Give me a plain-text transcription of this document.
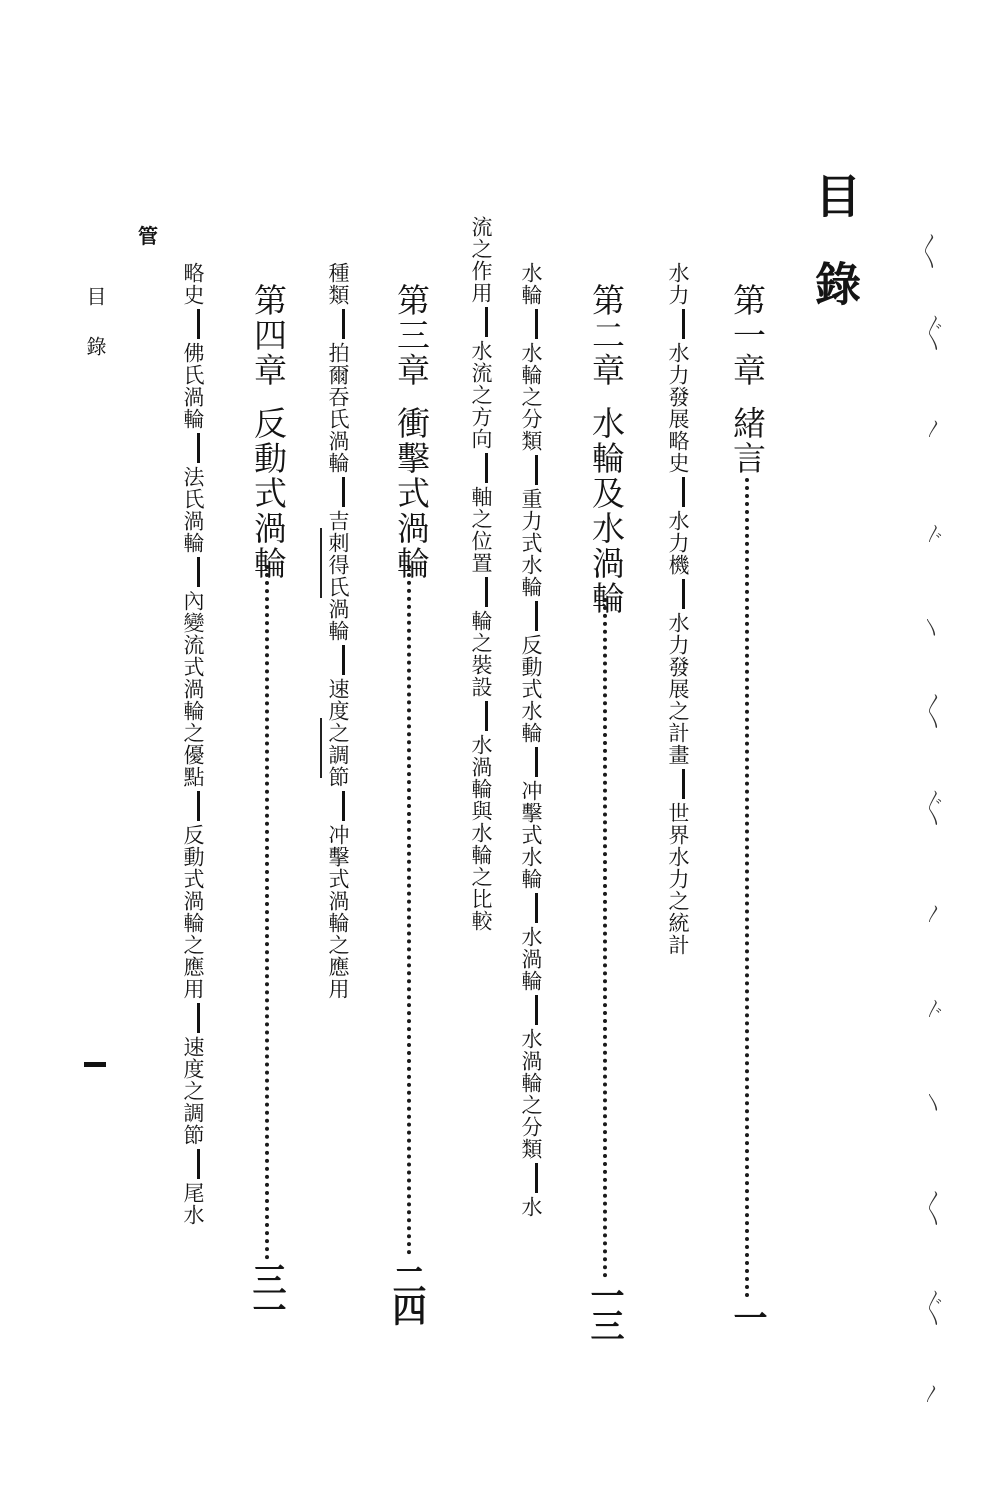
目錄
第一章緒言
一
水力水力發展略史水力機水力發展之計畫世界水力之統計
第二章水輪及水渦輪
一三
水輪水輪之分類重力式水輪反動式水輪冲擊式水輪水渦輪水渦輪之分類水
流之作用水流之方向軸之位置輪之裝設水渦輪與水輪之比較
第三章衝擊式渦輪
二四
種類拍爾吞氏渦輪吉刺得氏渦輪速度之調節冲擊式渦輪之應用
第四章反動式渦輪
三一
略史佛氏渦輪法氏渦輪內變流式渦輪之優點反動式渦輪之應用速度之調節尾水
管
目錄
〱
〲
〳
〴
〵
〱
〲
〳
〴
〵
〱
〲
〳
